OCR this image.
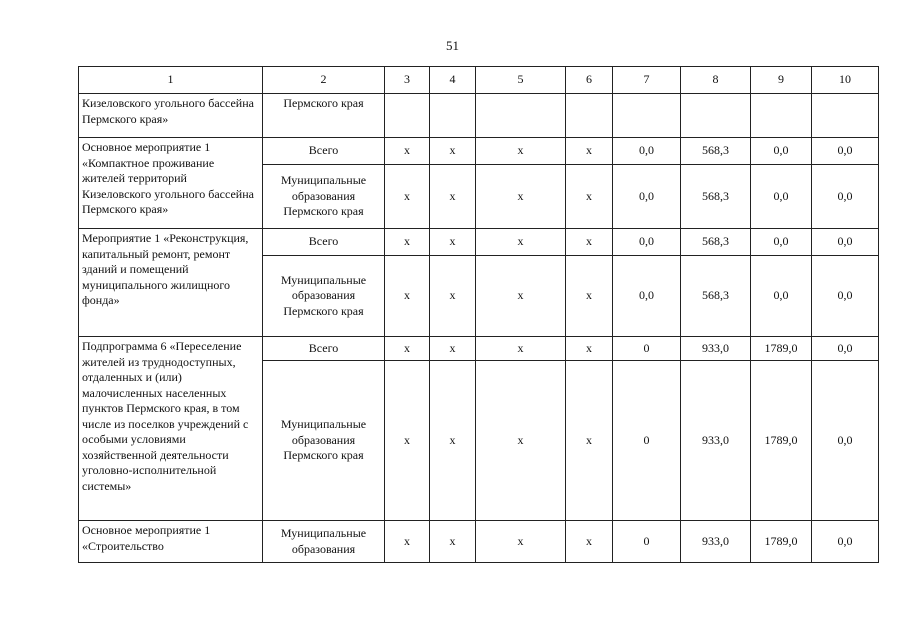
51
1	2	3	4	5	6	7	8	9	10
Кизеловского угольного бассейна Пермского края»	Пермского края								
Основное мероприятие 1 «Компактное проживание жителей территорий Кизеловского угольного бассейна Пермского края»	Всего	х	х	х	х	0,0	568,3	0,0	0,0
	Муниципальные образования Пермского края	х	х	х	х	0,0	568,3	0,0	0,0
Мероприятие 1 «Реконструкция, капитальный ремонт, ремонт зданий и помещений муниципального жилищного фонда»	Всего	х	х	х	х	0,0	568,3	0,0	0,0
	Муниципальные образования Пермского края	х	х	х	х	0,0	568,3	0,0	0,0
Подпрограмма 6 «Переселение жителей из труднодоступных, отдаленных и (или) малочисленных населенных пунктов Пермского края, в том числе из поселков учреждений с особыми условиями хозяйственной деятельности уголовно-исполнительной системы»	Всего	х	х	х	х	0	933,0	1789,0	0,0
	Муниципальные образования Пермского края	х	х	х	х	0	933,0	1789,0	0,0
Основное мероприятие 1 «Строительство	Муниципальные образования	х	х	х	х	0	933,0	1789,0	0,0
